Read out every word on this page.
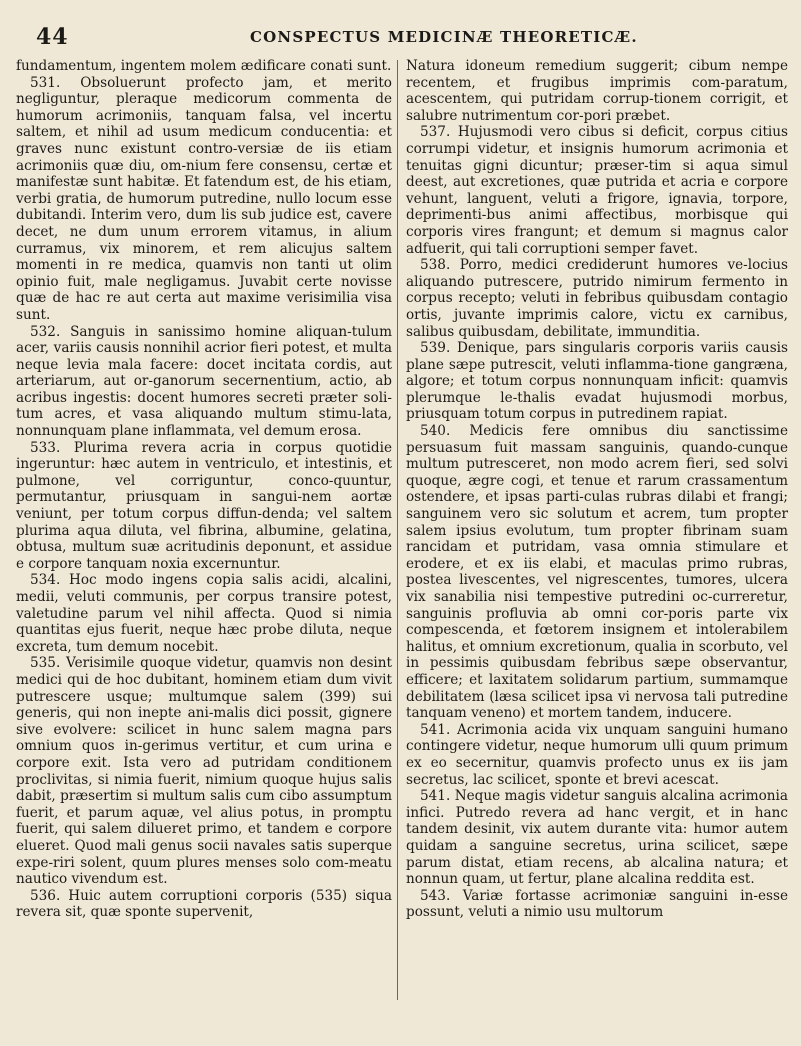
44	CONSPECTUS MEDICINÆ THEORETICÆ.

fundamentum, ingentem molem ædificare conati sunt.

531. Obsoluerunt profecto jam, et merito negliguntur, pleraque medicorum commenta de humorum acrimoniis, tanquam falsa, vel incertu saltem, et nihil ad usum medicum conducentia: et graves nunc existunt contro-versiæ de iis etiam acrimoniis quæ diu, om-nium fere consensu, certæ et manifestæ sunt habitæ. Et fatendum est, de his etiam, verbi gratia, de humorum putredine, nullo locum esse dubitandi. Interim vero, dum lis sub judice est, cavere decet, ne dum unum errorem vitamus, in alium curramus, vix minorem, et rem alicujus saltem momenti in re medica, quamvis non tanti ut olim opinio fuit, male negligamus. Juvabit certe novisse quæ de hac re aut certa aut maxime verisimilia visa sunt.

532. Sanguis in sanissimo homine aliquan-tulum acer, variis causis nonnihil acrior fieri potest, et multa neque levia mala facere: docet incitata cordis, aut arteriarum, aut or-ganorum secernentium, actio, ab acribus ingestis: docent humores secreti præter soli-tum acres, et vasa aliquando multum stimu-lata, nonnunquam plane inflammata, vel demum erosa.

533. Plurima revera acria in corpus quotidie ingeruntur: hæc autem in ventriculo, et intestinis, et pulmone, vel corriguntur, conco-quuntur, permutantur, priusquam in sangui-nem aortæ veniunt, per totum corpus diffun-denda; vel saltem plurima aqua diluta, vel fibrina, albumine, gelatina, obtusa, multum suæ acritudinis deponunt, et assidue e corpore tanquam noxia excernuntur.

534. Hoc modo ingens copia salis acidi, alcalini, medii, veluti communis, per corpus transire potest, valetudine parum vel nihil affecta. Quod si nimia quantitas ejus fuerit, neque hæc probe diluta, neque excreta, tum demum nocebit.

535. Verisimile quoque videtur, quamvis non desint medici qui de hoc dubitant, hominem etiam dum vivit putrescere usque; multumque salem (399) sui generis, qui non inepte ani-malis dici possit, gignere sive evolvere: scilicet in hunc salem magna pars omnium quos in-gerimus vertitur, et cum urina e corpore exit. Ista vero ad putridam conditionem proclivitas, si nimia fuerit, nimium quoque hujus salis dabit, præsertim si multum salis cum cibo assumptum fuerit, et parum aquæ, vel alius potus, in promptu fuerit, qui salem dilueret primo, et tandem e corpore elueret. Quod mali genus socii navales satis superque expe-riri solent, quum plures menses solo com-meatu nautico vivendum est.

536. Huic autem corruptioni corporis (535) siqua revera sit, quæ sponte supervenit,

Natura idoneum remedium suggerit; cibum nempe recentem, et frugibus imprimis com-paratum, acescentem, qui putridam corrup-tionem corrigit, et salubre nutrimentum cor-pori præbet.

537. Hujusmodi vero cibus si deficit, corpus citius corrumpi videtur, et insignis humorum acrimonia et tenuitas gigni dicuntur; præser-tim si aqua simul deest, aut excretiones, quæ putrida et acria e corpore vehunt, languent, veluti a frigore, ignavia, torpore, deprimenti-bus animi affectibus, morbisque qui corporis vires frangunt; et demum si magnus calor adfuerit, qui tali corruptioni semper favet.

538. Porro, medici crediderunt humores ve-locius aliquando putrescere, putrido nimirum fermento in corpus recepto; veluti in febribus quibusdam contagio ortis, juvante imprimis calore, victu ex carnibus, salibus quibusdam, debilitate, immunditia.

539. Denique, pars singularis corporis variis causis plane sæpe putrescit, veluti inflamma-tione gangræna, algore; et totum corpus nonnunquam inficit: quamvis plerumque le-thalis evadat hujusmodi morbus, priusquam totum corpus in putredinem rapiat.

540. Medicis fere omnibus diu sanctissime persuasum fuit massam sanguinis, quando-cunque multum putresceret, non modo acrem fieri, sed solvi quoque, ægre cogi, et tenue et rarum crassamentum ostendere, et ipsas parti-culas rubras dilabi et frangi; sanguinem vero sic solutum et acrem, tum propter salem ipsius evolutum, tum propter fibrinam suam rancidam et putridam, vasa omnia stimulare et erodere, et ex iis elabi, et maculas primo rubras, postea livescentes, vel nigrescentes, tumores, ulcera vix sanabilia nisi tempestive putredini oc-curreretur, sanguinis profluvia ab omni cor-poris parte vix compescenda, et fœtorem insignem et intolerabilem halitus, et omnium excretionum, qualia in scorbuto, vel in pessimis quibusdam febribus sæpe observantur, efficere; et laxitatem solidarum partium, summamque debilitatem (læsa scilicet ipsa vi nervosa tali putredine tanquam veneno) et mortem tandem, inducere.

541. Acrimonia acida vix unquam sanguini humano contingere videtur, neque humorum ulli quum primum ex eo secernitur, quamvis profecto unus ex iis jam secretus, lac scilicet, sponte et brevi acescat.

541. Neque magis videtur sanguis alcalina acrimonia infici. Putredo revera ad hanc vergit, et in hanc tandem desinit, vix autem durante vita: humor autem quidam a sanguine secretus, urina scilicet, sæpe parum distat, etiam recens, ab alcalina natura; et nonnun quam, ut fertur, plane alcalina reddita est.

543. Variæ fortasse acrimoniæ sanguini in-esse possunt, veluti a nimio usu multorum
